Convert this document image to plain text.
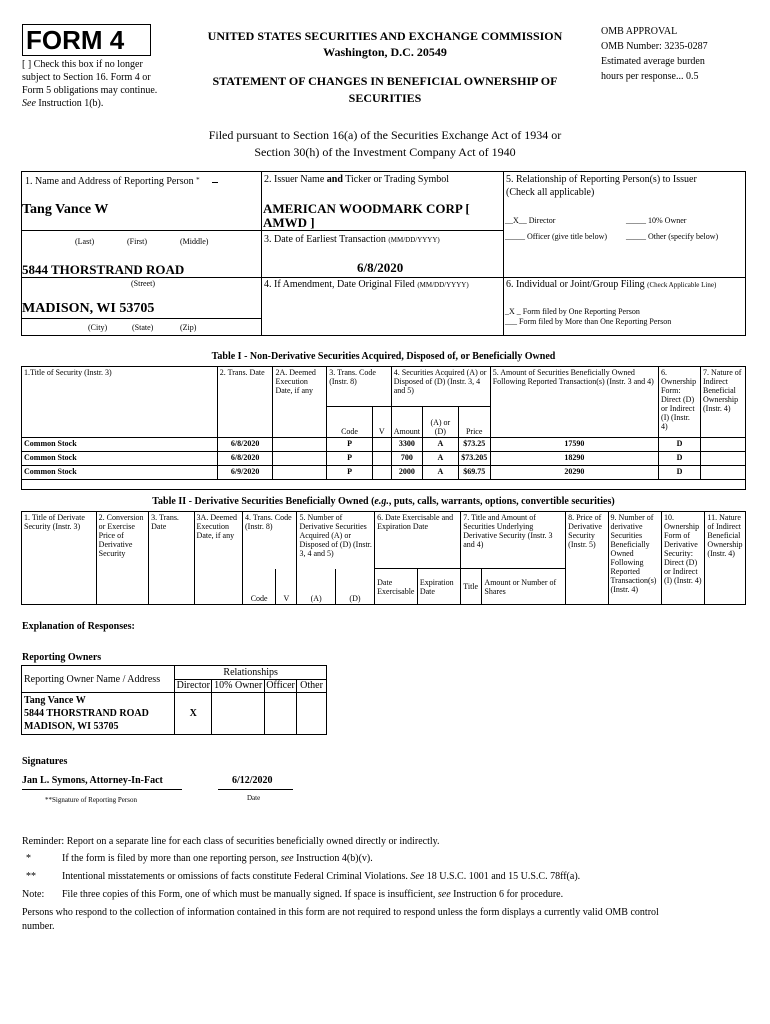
FORM 4
[ ] Check this box if no longer subject to Section 16. Form 4 or Form 5 obligations may continue. See Instruction 1(b).
UNITED STATES SECURITIES AND EXCHANGE COMMISSION
Washington, D.C. 20549
STATEMENT OF CHANGES IN BENEFICIAL OWNERSHIP OF SECURITIES
OMB APPROVAL
OMB Number: 3235-0287
Estimated average burden
hours per response... 0.5
Filed pursuant to Section 16(a) of the Securities Exchange Act of 1934 or
Section 30(h) of the Investment Company Act of 1940
1. Name and Address of Reporting Person *
Tang Vance W
(Last)	(First)	(Middle)
5844 THORSTRAND ROAD
(Street)
MADISON, WI 53705
(City)	(State)	(Zip)
2. Issuer Name and Ticker or Trading Symbol
AMERICAN WOODMARK CORP [
AMWD ]
3. Date of Earliest Transaction (MM/DD/YYYY)
6/8/2020
4. If Amendment, Date Original Filed (MM/DD/YYYY)
5. Relationship of Reporting Person(s) to Issuer
(Check all applicable)
__X__ Director	_____ 10% Owner
_____ Officer (give title below) _____ Other (specify below)
6. Individual or Joint/Group Filing (Check Applicable Line)
_X _ Form filed by One Reporting Person
___ Form filed by More than One Reporting Person
Table I - Non-Derivative Securities Acquired, Disposed of, or Beneficially Owned
1.Title of Security (Instr. 3)	2. Trans. Date	2A. Deemed Execution Date, if any	3. Trans. Code (Instr. 8)		4. Securities Acquired (A) or Disposed of (D) (Instr. 3, 4 and 5)			5. Amount of Securities Beneficially Owned Following Reported Transaction(s) (Instr. 3 and 4)	6. Ownership Form: Direct (D) or Indirect (I) (Instr. 4)	7. Nature of Indirect Beneficial Ownership (Instr. 4)
			Code	V	Amount	(A) or (D)	Price			
Common Stock	6/8/2020		P		3300	A	$73.25	17590	D	
Common Stock	6/8/2020		P		700	A	$73.205	18290	D	
Common Stock	6/9/2020		P		2000	A	$69.75	20290	D	
Table II - Derivative Securities Beneficially Owned (e.g., puts, calls, warrants, options, convertible securities)
1. Title of Derivate Security (Instr. 3)	2. Conversion or Exercise Price of Derivative Security	3. Trans. Date	3A. Deemed Execution Date, if any	4. Trans. Code (Instr. 8)		5. Number of Derivative Securities Acquired (A) or Disposed of (D) (Instr. 3, 4 and 5)		6. Date Exercisable and Expiration Date		7. Title and Amount of Securities Underlying Derivative Security (Instr. 3 and 4)		8. Price of Derivative Security (Instr. 5)	9. Number of derivative Securities Beneficially Owned Following Reported Transaction(s) (Instr. 4)	10. Ownership Form of Derivative Security: Direct (D) or Indirect (I) (Instr. 4)	11. Nature of Indirect Beneficial Ownership (Instr. 4)
				Code	V	(A)	(D)	Date Exercisable	Expiration Date	Title	Amount or Number of Shares				
Explanation of Responses:
Reporting Owners
Reporting Owner Name / Address	Relationships			
	Director	10% Owner	Officer	Other

Tang Vance W
5844 THORSTRAND ROAD
MADISON, WI 53705	X			
Signatures
Jan L. Symons, Attorney-In-Fact	6/12/2020
**Signature of Reporting Person	Date
Reminder: Report on a separate line for each class of securities beneficially owned directly or indirectly.
*	If the form is filed by more than one reporting person, see Instruction 4(b)(v).
**	Intentional misstatements or omissions of facts constitute Federal Criminal Violations. See 18 U.S.C. 1001 and 15 U.S.C. 78ff(a).
Note: File three copies of this Form, one of which must be manually signed. If space is insufficient, see Instruction 6 for procedure.
Persons who respond to the collection of information contained in this form are not required to respond unless the form displays a currently valid OMB control
number.
